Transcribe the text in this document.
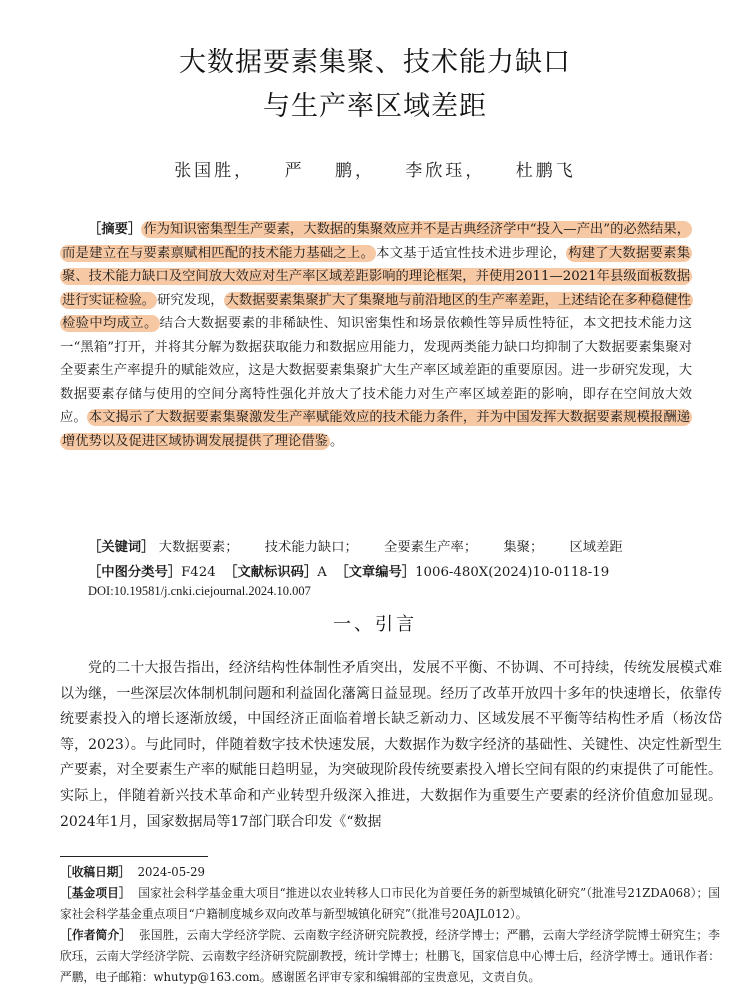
大数据要素集聚、技术能力缺口
与生产率区域差距
张国胜， 严 鹏， 李欣珏， 杜鹏飞
［摘要］ 作为知识密集型生产要素，大数据的集聚效应并不是古典经济学中“投入—产出”的必然结果，而是建立在与要素禀赋相匹配的技术能力基础之上。 本文基于适宜性技术进步理论， 构建了大数据要素集聚、技术能力缺口及空间放大效应对生产率区域差距影响的理论框架，并使用2011—2021年县级面板数据进行实证检验。 研究发现， 大数据要素集聚扩大了集聚地与前沿地区的生产率差距，上述结论在多种稳健性检验中均成立。 结合大数据要素的非稀缺性、知识密集性和场景依赖性等异质性特征，本文把技术能力这一“黑箱”打开，并将其分解为数据获取能力和数据应用能力，发现两类能力缺口均抑制了大数据要素集聚对全要素生产率提升的赋能效应，这是大数据要素集聚扩大生产率区域差距的重要原因。进一步研究发现，大数据要素存储与使用的空间分离特性强化并放大了技术能力对生产率区域差距的影响，即存在空间放大效应。 本文揭示了大数据要素集聚激发生产率赋能效应的技术能力条件，并为中国发挥大数据要素规模报酬递增优势以及促进区域协调发展提供了理论借鉴 。
［关键词］ 大数据要素； 技术能力缺口； 全要素生产率； 集聚； 区域差距
［中图分类号］F424 ［文献标识码］A ［文章编号］1006-480X(2024)10-0118-19
DOI:10.19581/j.cnki.ciejournal.2024.10.007
一、引言
党的二十大报告指出，经济结构性体制性矛盾突出，发展不平衡、不协调、不可持续，传统发展模式难以为继，一些深层次体制机制问题和利益固化藩篱日益显现。经历了改革开放四十多年的快速增长，依靠传统要素投入的增长逐渐放缓，中国经济正面临着增长缺乏新动力、区域发展不平衡等结构性矛盾（杨汝岱等，2023）。与此同时，伴随着数字技术快速发展，大数据作为数字经济的基础性、关键性、决定性新型生产要素，对全要素生产率的赋能日趋明显，为突破现阶段传统要素投入增长空间有限的约束提供了可能性。实际上，伴随着新兴技术革命和产业转型升级深入推进，大数据作为重要生产要素的经济价值愈加显现。2024年1月，国家数据局等17部门联合印发《“数据
［收稿日期］ 2024-05-29
［基金项目］ 国家社会科学基金重大项目“推进以农业转移人口市民化为首要任务的新型城镇化研究”（批准号21ZDA068）；国家社会科学基金重点项目“户籍制度城乡双向改革与新型城镇化研究”（批准号20AJL012）。
［作者简介］ 张国胜，云南大学经济学院、云南数字经济研究院教授，经济学博士；严鹏，云南大学经济学院博士研究生；李欣珏，云南大学经济学院、云南数字经济研究院副教授，统计学博士；杜鹏飞，国家信息中心博士后，经济学博士。通讯作者：严鹏，电子邮箱：whutyp@163.com。感谢匿名评审专家和编辑部的宝贵意见，文责自负。
